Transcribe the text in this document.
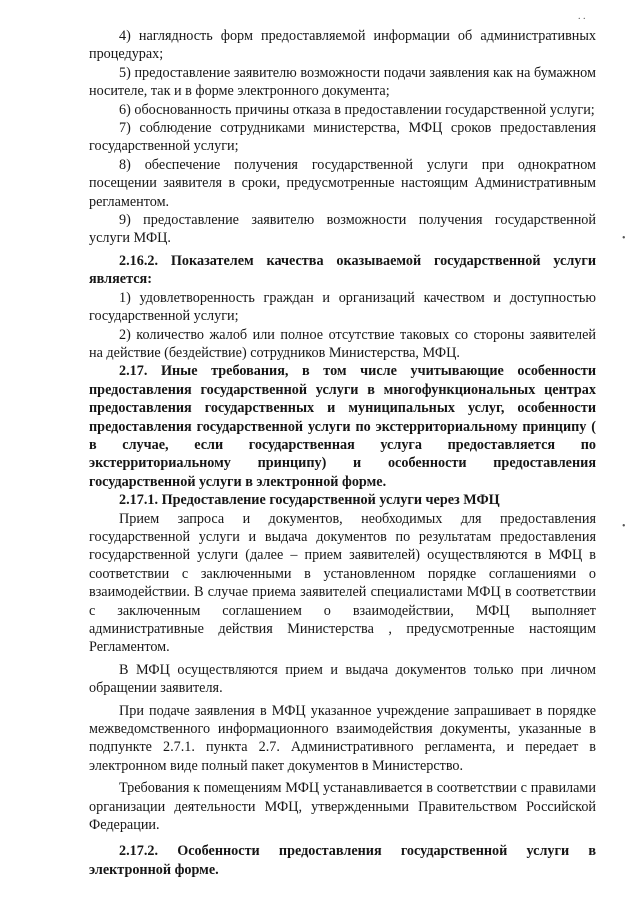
. .
•
•

4) наглядность форм предоставляемой информации об административных процедурах;

5) предоставление заявителю возможности подачи заявления как на бумажном носителе, так и в форме электронного документа;

6) обоснованность причины отказа в предоставлении государственной услуги;

7) соблюдение сотрудниками министерства, МФЦ сроков предоставления государственной услуги;

8) обеспечение получения государственной услуги при однократном посещении заявителя в сроки, предусмотренные настоящим Административным регламентом.

9) предоставление заявителю возможности получения государственной услуги МФЦ.

2.16.2. Показателем качества оказываемой государственной услуги является:

1) удовлетворенность граждан и организаций качеством и доступностью государственной услуги;

2) количество жалоб или полное отсутствие таковых со стороны заявителей на действие (бездействие) сотрудников Министерства, МФЦ.

2.17. Иные требования, в том числе учитывающие особенности предоставления государственной услуги в многофункциональных центрах предоставления государственных и муниципальных услуг, особенности предоставления государственной услуги по экстерриториальному принципу ( в случае, если государственная услуга предоставляется по экстерриториальному принципу) и особенности предоставления государственной услуги в электронной форме.

2.17.1. Предоставление государственной услуги через МФЦ

Прием запроса и документов, необходимых для предоставления государственной услуги и выдача документов по результатам предоставления государственной услуги (далее – прием заявителей) осуществляются в МФЦ в соответствии с заключенными в установленном порядке соглашениями о взаимодействии. В случае приема заявителей специалистами МФЦ в соответствии с заключенным соглашением о взаимодействии, МФЦ выполняет административные действия Министерства , предусмотренные настоящим Регламентом.

В МФЦ осуществляются прием и выдача документов только при личном обращении заявителя.

При подаче заявления в МФЦ указанное учреждение запрашивает в порядке межведомственного информационного взаимодействия документы, указанные в подпункте 2.7.1. пункта 2.7. Административного регламента, и передает в электронном виде полный пакет документов в Министерство.

Требования к помещениям МФЦ устанавливается в соответствии с правилами организации деятельности МФЦ, утвержденными Правительством Российской Федерации.

2.17.2. Особенности предоставления государственной услуги в электронной форме.
